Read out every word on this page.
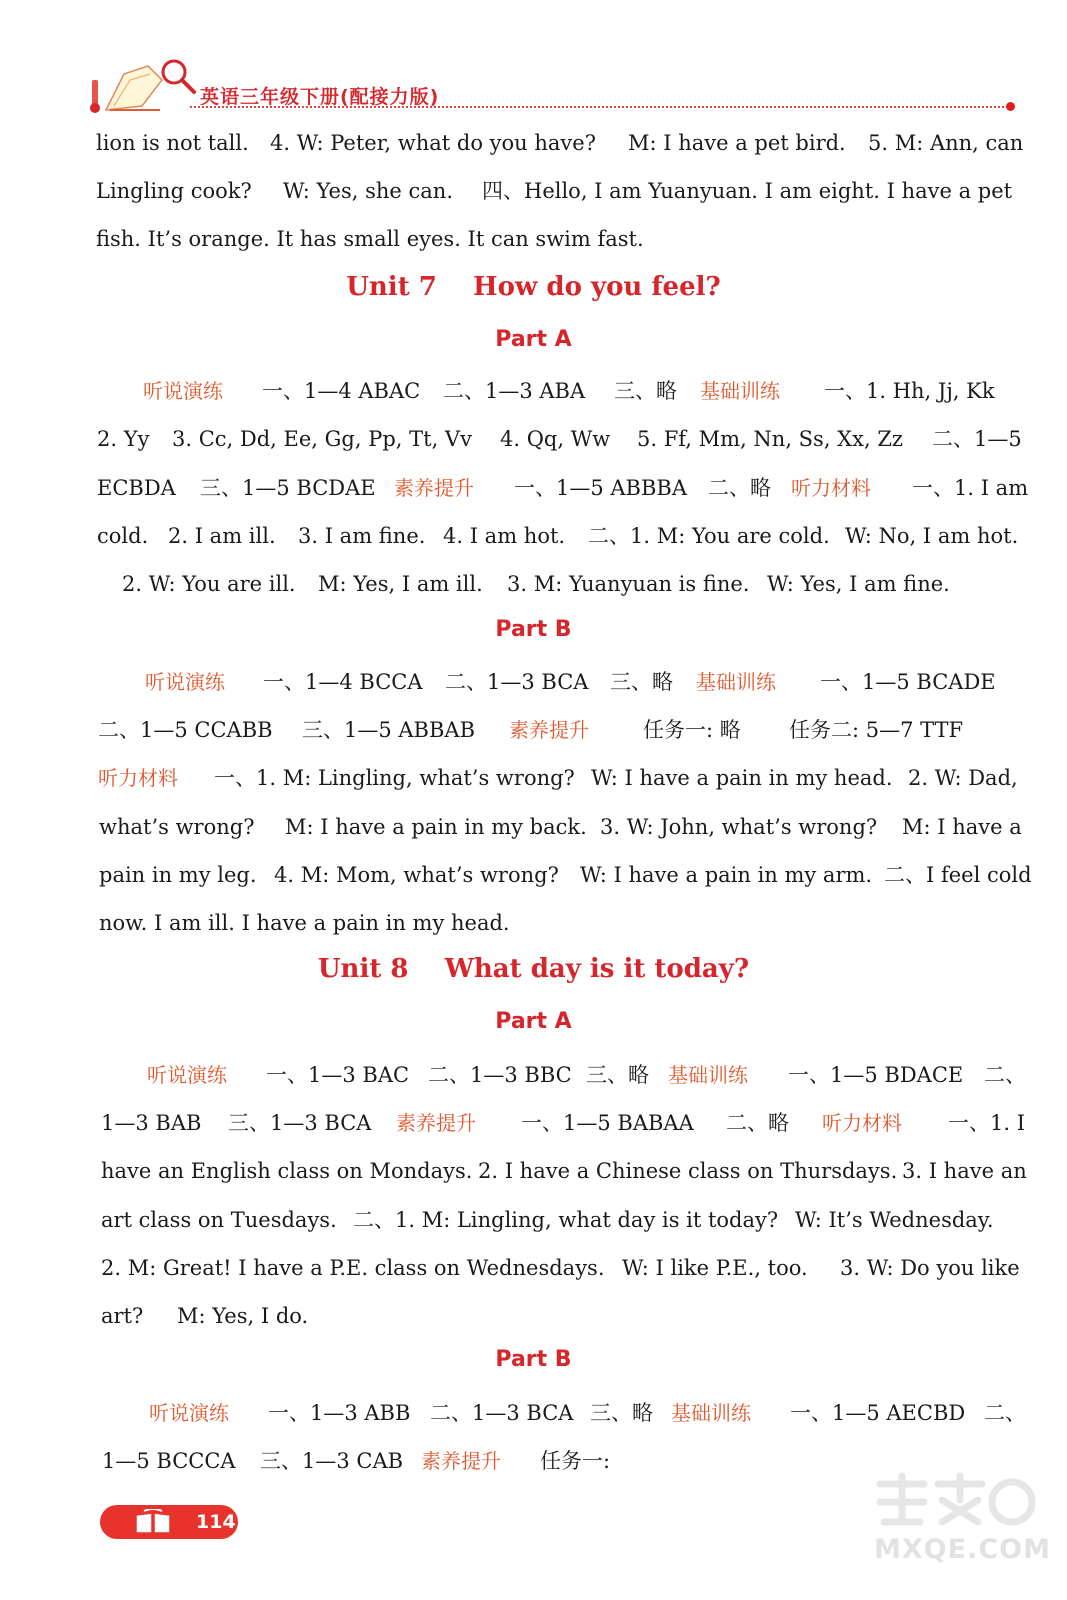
英语三年级下册(配接力版)
lion is not tall. 4. W: Peter, what do you have? M: I have a pet bird. 5. M: Ann, can
Lingling cook? W: Yes, she can. 四、Hello, I am Yuanyuan. I am eight. I have a pet
fish. It’s orange. It has small eyes. It can swim fast.
Unit 7    How do you feel?
Part A
听说演练 一、1—4 ABAC 二、1—3 ABA 三、略 基础训练 一、1. Hh, Jj, Kk
2. Yy 3. Cc, Dd, Ee, Gg, Pp, Tt, Vv 4. Qq, Ww 5. Ff, Mm, Nn, Ss, Xx, Zz 二、1—5
ECBDA 三、1—5 BCDAE 素养提升 一、1—5 ABBBA 二、略 听力材料 一、1. I am
cold. 2. I am ill. 3. I am fine. 4. I am hot. 二、1. M: You are cold. W: No, I am hot.
2. W: You are ill. M: Yes, I am ill. 3. M: Yuanyuan is fine. W: Yes, I am fine.
Part B
听说演练 一、1—4 BCCA 二、1—3 BCA 三、略 基础训练 一、1—5 BCADE
二、1—5 CCABB 三、1—5 ABBAB 素养提升	任务一: 略 任务二: 5—7 TTF
听力材料 一、1. M: Lingling, what’s wrong? W: I have a pain in my head. 2. W: Dad,
what’s wrong? M: I have a pain in my back. 3. W: John, what’s wrong? M: I have a
pain in my leg. 4. M: Mom, what’s wrong? W: I have a pain in my arm. 二、I feel cold
now. I am ill. I have a pain in my head.
Unit 8    What day is it today?
Part A
听说演练 一、1—3 BAC 二、1—3 BBC 三、略 基础训练 一、1—5 BDACE 二、
1—3 BAB 三、1—3 BCA 素养提升 一、1—5 BABAA 二、略 听力材料 一、1. I
have an English class on Mondays. 2. I have a Chinese class on Thursdays. 3. I have an
art class on Tuesdays. 二、1. M: Lingling, what day is it today? W: It’s Wednesday.
2. M: Great! I have a P.E. class on Wednesdays. W: I like P.E., too. 3. W: Do you like
art? M: Yes, I do.
Part B
听说演练 一、1—3 ABB 二、1—3 BCA 三、略 基础训练 一、1—5 AECBD 二、
1—5 BCCCA 三、1—3 CAB 素养提升 任务一:
114
MXQE.COM
